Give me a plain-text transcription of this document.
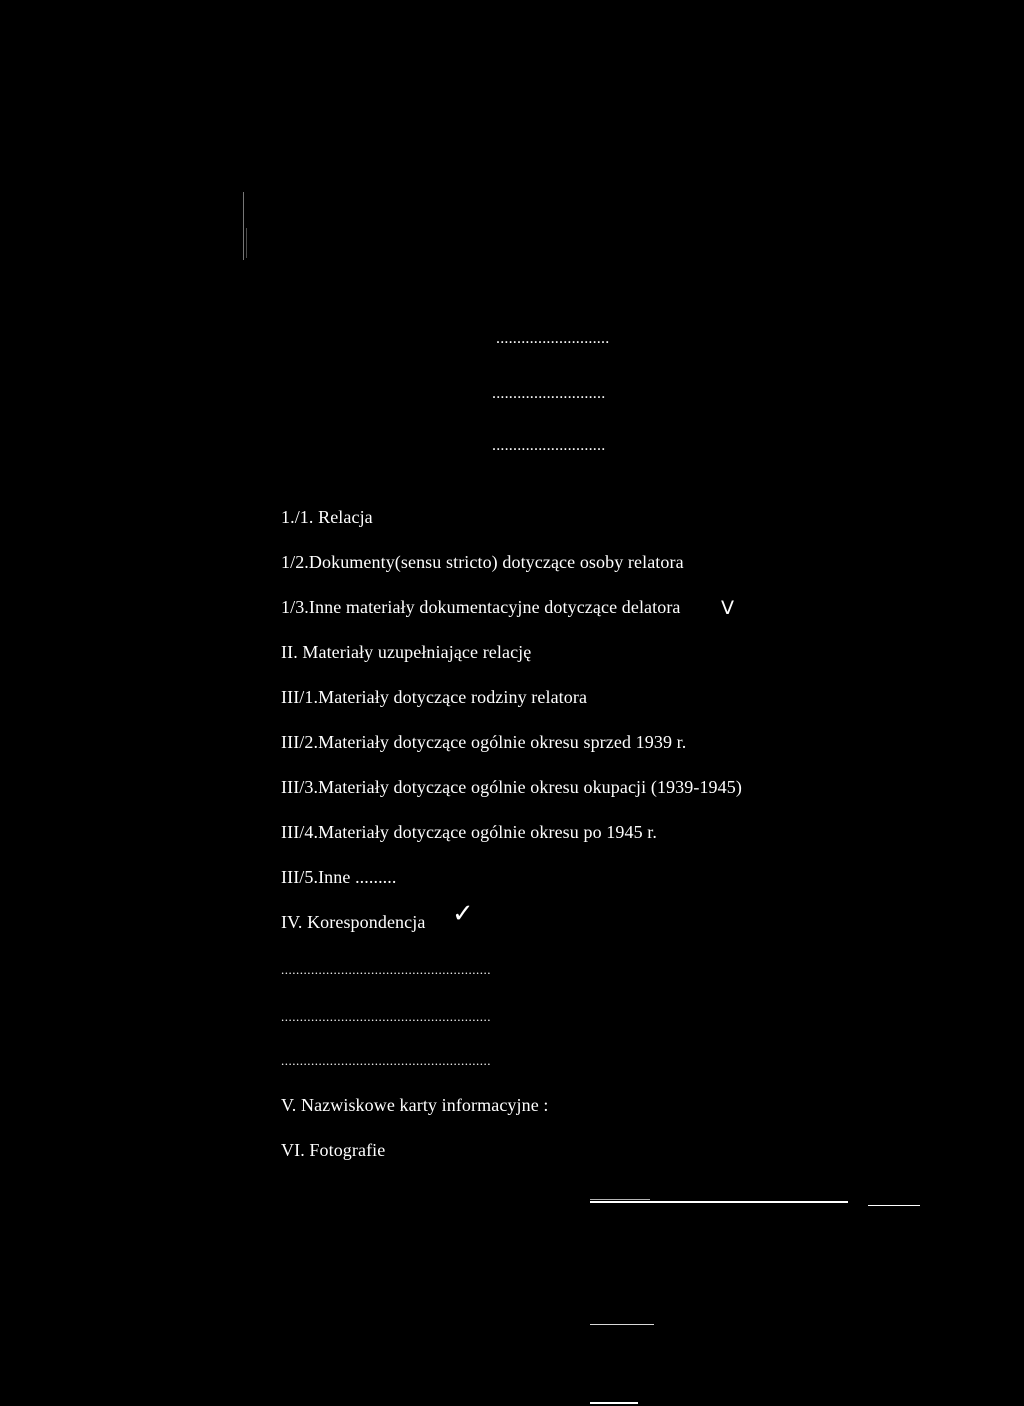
...........................
...........................
...........................

1./1. Relacja

1/2.Dokumenty(sensu stricto) dotyczące osoby relatora

1/3.Inne materiały dokumentacyjne dotyczące delatora V

II. Materiały uzupełniające relację

III/1.Materiały dotyczące rodziny relatora

III/2.Materiały dotyczące ogólnie okresu sprzed 1939 r.

III/3.Materiały dotyczące ogólnie okresu okupacji (1939-1945)

III/4.Materiały dotyczące ogólnie okresu po 1945 r.

III/5.Inne .........

IV. Korespondencja ✓
........................................................
........................................................
........................................................

V. Nazwiskowe karty informacyjne :

VI. Fotografie
